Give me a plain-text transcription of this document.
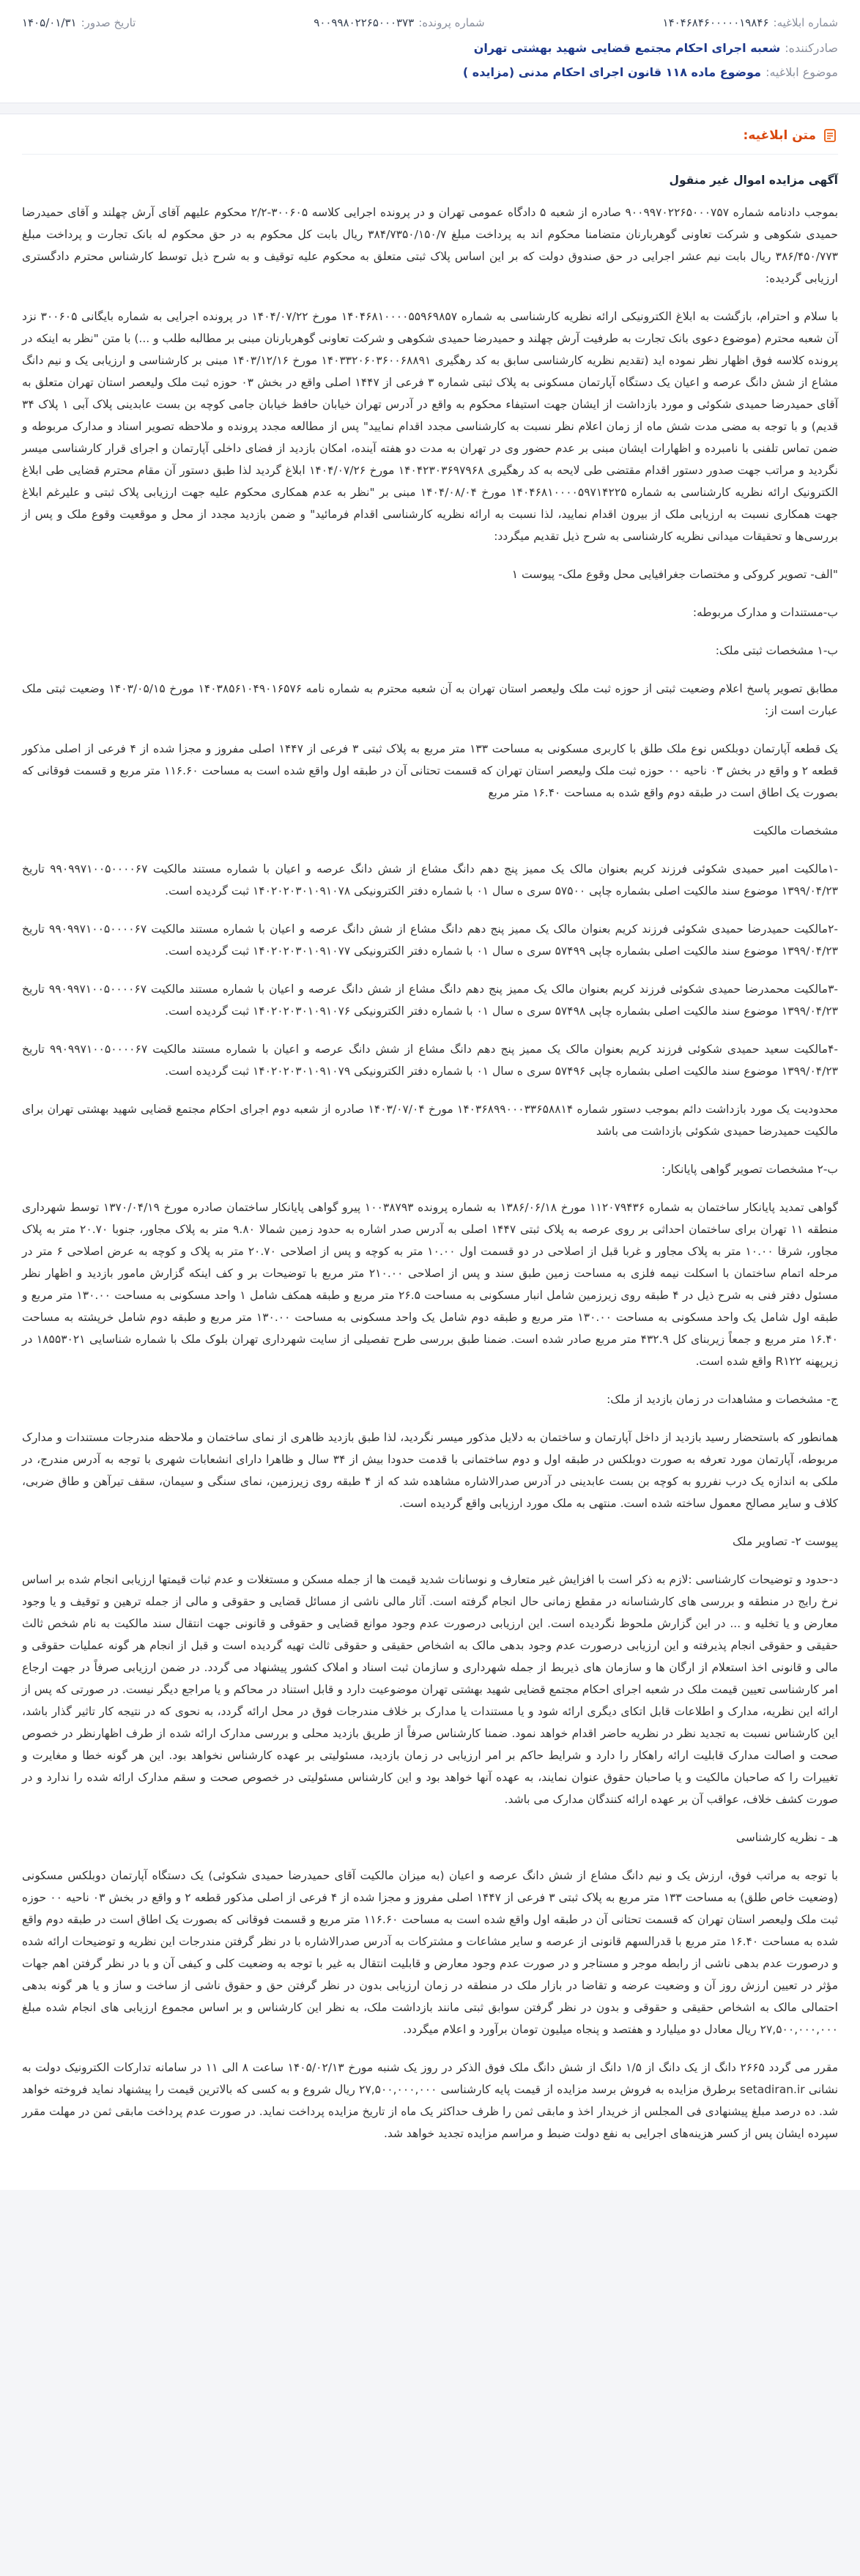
شماره ابلاغیه:
۱۴۰۴۶۸۴۶۰۰۰۰۰۱۹۸۴۶
شماره پرونده:
۹۰۰۹۹۸۰۲۲۶۵۰۰۰۳۷۳
تاریخ صدور:
۱۴۰۵/۰۱/۳۱
صادرکننده:
شعبه اجرای احکام مجتمع قضایی شهید بهشتی تهران
موضوع ابلاغیه:
موضوع ماده ۱۱۸ قانون اجرای احکام مدنی (مزایده )
متن ابلاغیه:

آگهی مزایده اموال غیر منقول

بموجب دادنامه شماره ۹۰۰۹۹۷۰۲۲۶۵۰۰۰۷۵۷ صادره از شعبه ۵ دادگاه عمومی تهران و در پرونده اجرایی کلاسه ۳۰۰۶۰۵-۲/۲ محکوم علیهم آقای آرش چهلند و آقای حمیدرضا حمیدی شکوهی و شرکت تعاونی گوهربارنان متضامنا محکوم اند به پرداخت مبلغ ۳۸۴/۷۳۵۰/۱۵۰/۷ ریال بابت کل محکوم به در حق محکوم له بانک تجارت و پرداخت مبلغ ۳۸۶/۴۵۰/۷۷۳ ریال بابت نیم عشر اجرایی در حق صندوق دولت که بر این اساس پلاک ثبتی متعلق به محکوم علیه توقیف و به شرح ذیل توسط کارشناس محترم دادگستری ارزیابی گردیده:

با سلام و احترام، بازگشت به ابلاغ الکترونیکی ارائه نظریه کارشناسی به شماره ۱۴۰۴۶۸۱۰۰۰۰۵۵۹۶۹۸۵۷ مورخ ۱۴۰۴/۰۷/۲۲ در پرونده اجرایی به شماره بایگانی ۳۰۰۶۰۵ نزد آن شعبه محترم (موضوع دعوی بانک تجارت به طرفیت آرش چهلند و حمیدرضا حمیدی شکوهی و شرکت تعاونی گوهربارنان مبنی بر مطالبه طلب و ...) با متن "نظر به اینکه در پرونده کلاسه فوق اظهار نظر نموده اید (تقدیم نظریه کارشناسی سابق به کد رهگیری ۱۴۰۳۳۲۰۶۰۳۶۰۰۶۸۸۹۱ مورخ ۱۴۰۳/۱۲/۱۶ مبنی بر کارشناسی و ارزیابی یک و نیم دانگ مشاع از شش دانگ عرصه و اعیان یک دستگاه آپارتمان مسکونی به پلاک ثبتی شماره ۳ فرعی از ۱۴۴۷ اصلی واقع در بخش ۰۳ حوزه ثبت ملک ولیعصر استان تهران متعلق به آقای حمیدرضا حمیدی شکوئی و مورد بازداشت از ایشان جهت استیفاء محکوم به واقع در آدرس تهران خیابان حافظ خیابان جامی کوچه بن بست عابدینی پلاک آبی ۱ پلاک ۳۴ قدیم) و با توجه به مضی مدت شش ماه از زمان اعلام نظر نسبت به کارشناسی مجدد اقدام نمایید" پس از مطالعه مجدد پرونده و ملاحظه تصویر اسناد و مدارک مربوطه و ضمن تماس تلفنی با نامبرده و اظهارات ایشان مبنی بر عدم حضور وی در تهران به مدت دو هفته آینده، امکان بازدید از فضای داخلی آپارتمان و اجرای قرار کارشناسی میسر نگردید و مراتب جهت صدور دستور اقدام مقتضی طی لایحه به کد رهگیری ۱۴۰۴۲۳۰۳۶۹۷۹۶۸ مورخ ۱۴۰۴/۰۷/۲۶ ابلاغ گردید لذا طبق دستور آن مقام محترم قضایی طی ابلاغ الکترونیک ارائه نظریه کارشناسی به شماره ۱۴۰۴۶۸۱۰۰۰۰۵۹۷۱۴۲۲۵ مورخ ۱۴۰۴/۰۸/۰۴ مبنی بر "نظر به عدم همکاری محکوم علیه جهت ارزیابی پلاک ثبتی و علیرغم ابلاغ جهت همکاری نسبت به ارزیابی ملک از بیرون اقدام نمایید، لذا نسبت به ارائه نظریه کارشناسی اقدام فرمائید" و ضمن بازدید مجدد از محل و موقعیت وقوع ملک و پس از بررسی‌ها و تحقیقات میدانی نظریه کارشناسی به شرح ذیل تقدیم میگردد:

"الف- تصویر کروکی و مختصات جغرافیایی محل وقوع ملک- پیوست ۱

ب-مستندات و مدارک مربوطه:

ب-۱ مشخصات ثبتی ملک:

مطابق تصویر پاسخ اعلام وضعیت ثبتی از حوزه ثبت ملک ولیعصر استان تهران به آن شعبه محترم به شماره نامه ۱۴۰۳۸۵۶۱۰۴۹۰۱۶۵۷۶ مورخ ۱۴۰۳/۰۵/۱۵ وضعیت ثبتی ملک عبارت است از:

یک قطعه آپارتمان دوبلکس نوع ملک طلق با کاربری مسکونی به مساحت ۱۳۳ متر مربع به پلاک ثبتی ۳ فرعی از ۱۴۴۷ اصلی مفروز و مجزا شده از ۴ فرعی از اصلی مذکور قطعه ۲ و واقع در بخش ۰۳ ناحیه ۰۰ حوزه ثبت ملک ولیعصر استان تهران که قسمت تحتانی آن در طبقه اول واقع شده است به مساحت ۱۱۶.۶۰ متر مربع و قسمت فوقانی که بصورت یک اطاق است در طبقه دوم واقع شده به مساحت ۱۶.۴۰ متر مربع

مشخصات مالکیت

-۱مالکیت امیر حمیدی شکوئی فرزند کریم بعنوان مالک یک ممیز پنج دهم دانگ مشاع از شش دانگ عرصه و اعیان با شماره مستند مالکیت ۹۹۰۹۹۷۱۰۰۵۰۰۰۰۶۷ تاریخ ۱۳۹۹/۰۴/۲۳ موضوع سند مالکیت اصلی بشماره چاپی ۵۷۵۰۰ سری ه سال ۰۱ با شماره دفتر الکترونیکی ۱۴۰۲۰۲۰۳۰۱۰۹۱۰۷۸ ثبت گردیده است.

-۲مالکیت حمیدرضا حمیدی شکوئی فرزند کریم بعنوان مالک یک ممیز پنج دهم دانگ مشاع از شش دانگ عرصه و اعیان با شماره مستند مالکیت ۹۹۰۹۹۷۱۰۰۵۰۰۰۰۶۷ تاریخ ۱۳۹۹/۰۴/۲۳ موضوع سند مالکیت اصلی بشماره چاپی ۵۷۴۹۹ سری ه سال ۰۱ با شماره دفتر الکترونیکی ۱۴۰۲۰۲۰۳۰۱۰۹۱۰۷۷ ثبت گردیده است.

-۳مالکیت محمدرضا حمیدی شکوئی فرزند کریم بعنوان مالک یک ممیز پنج دهم دانگ مشاع از شش دانگ عرصه و اعیان با شماره مستند مالکیت ۹۹۰۹۹۷۱۰۰۵۰۰۰۰۶۷ تاریخ ۱۳۹۹/۰۴/۲۳ موضوع سند مالکیت اصلی بشماره چاپی ۵۷۴۹۸ سری ه سال ۰۱ با شماره دفتر الکترونیکی ۱۴۰۲۰۲۰۳۰۱۰۹۱۰۷۶ ثبت گردیده است.

-۴مالکیت سعید حمیدی شکوئی فرزند کریم بعنوان مالک یک ممیز پنج دهم دانگ مشاع از شش دانگ عرصه و اعیان با شماره مستند مالکیت ۹۹۰۹۹۷۱۰۰۵۰۰۰۰۶۷ تاریخ ۱۳۹۹/۰۴/۲۳ موضوع سند مالکیت اصلی بشماره چاپی ۵۷۴۹۶ سری ه سال ۰۱ با شماره دفتر الکترونیکی ۱۴۰۲۰۲۰۳۰۱۰۹۱۰۷۹ ثبت گردیده است.

محدودیت یک مورد بازداشت دائم بموجب دستور شماره ۱۴۰۳۶۸۹۹۰۰۰۳۳۶۵۸۸۱۴ مورخ ۱۴۰۳/۰۷/۰۴ صادره از شعبه دوم اجرای احکام مجتمع قضایی شهید بهشتی تهران برای مالکیت حمیدرضا حمیدی شکوئی بازداشت می باشد

ب-۲ مشخصات تصویر گواهی پایانکار:

گواهی تمدید پایانکار ساختمان به شماره ۱۱۲۰۷۹۴۳۶ مورخ ۱۳۸۶/۰۶/۱۸ به شماره پرونده ۱۰۰۳۸۷۹۳ پیرو گواهی پایانکار ساختمان صادره مورخ ۱۳۷۰/۰۴/۱۹ توسط شهرداری منطقه ۱۱ تهران برای ساختمان احداثی بر روی عرصه به پلاک ثبتی ۱۴۴۷ اصلی به آدرس صدر اشاره به حدود زمین شمالا ۹.۸۰ متر به پلاک مجاور، جنوبا ۲۰.۷۰ متر به پلاک مجاور، شرقا ۱۰.۰۰ متر به پلاک مجاور و غربا قبل از اصلاحی در دو قسمت اول ۱۰.۰۰ متر به کوچه و پس از اصلاحی ۲۰.۷۰ متر به پلاک و کوچه به عرض اصلاحی ۶ متر در مرحله اتمام ساختمان با اسکلت نیمه فلزی به مساحت زمین طبق سند و پس از اصلاحی ۲۱۰.۰۰ متر مربع با توضیحات بر و کف اینکه گزارش مامور بازدید و اظهار نظر مسئول دفتر فنی به شرح ذیل در ۴ طبقه روی زیرزمین شامل انبار مسکونی به مساحت ۲۶.۵ متر مربع و طبقه همکف شامل ۱ واحد مسکونی به مساحت ۱۳۰.۰۰ متر مربع و طبقه اول شامل یک واحد مسکونی به مساحت ۱۳۰.۰۰ متر مربع و طبقه دوم شامل یک واحد مسکونی به مساحت ۱۳۰.۰۰ متر مربع و طبقه دوم شامل خرپشته به مساحت ۱۶.۴۰ متر مربع و جمعاً زیربنای کل ۴۳۲.۹ متر مربع صادر شده است. ضمنا طبق بررسی طرح تفصیلی از سایت شهرداری تهران بلوک ملک با شماره شناسایی ۱۸۵۵۳۰۲۱ در زیرپهنه R۱۲۲ واقع شده است.

ج- مشخصات و مشاهدات در زمان بازدید از ملک:

همانطور که باستحضار رسید بازدید از داخل آپارتمان و ساختمان به دلایل مذکور میسر نگردید، لذا طبق بازدید ظاهری از نمای ساختمان و ملاحظه مندرجات مستندات و مدارک مربوطه، آپارتمان مورد تعرفه به صورت دوبلکس در طبقه اول و دوم ساختمانی با قدمت حدودا بیش از ۳۴ سال و ظاهرا دارای انشعابات شهری با توجه به آدرس مندرج، در ملکی به اندازه یک درب نفررو به کوچه بن بست عابدینی در آدرس صدرالاشاره مشاهده شد که از ۴ طبقه روی زیرزمین، نمای سنگی و سیمان، سقف تیرآهن و طاق ضربی، کلاف و سایر مصالح معمول ساخته شده است. منتهی به ملک مورد ارزیابی واقع گردیده است.

پیوست ۲- تصاویر ملک

د-حدود و توضیحات کارشناسی :لازم به ذکر است با افزایش غیر متعارف و نوسانات شدید قیمت ها از جمله مسکن و مستغلات و عدم ثبات قیمتها ارزیابی انجام شده بر اساس نرخ رایج در منطقه و بررسی های کارشناسانه در مقطع زمانی حال انجام گرفته است. آثار مالی ناشی از مسائل قضایی و حقوقی و مالی از جمله ترهین و توقیف و یا وجود معارض و یا تخلیه و ... در این گزارش ملحوظ نگردیده است. این ارزیابی درصورت عدم وجود موانع قضایی و حقوقی و قانونی جهت انتقال سند مالکیت به نام شخص ثالث حقیقی و حقوقی انجام پذیرفته و این ارزیابی درصورت عدم وجود بدهی مالک به اشخاص حقیقی و حقوقی ثالث تهیه گردیده است و قبل از انجام هر گونه عملیات حقوقی و مالی و قانونی اخذ استعلام از ارگان ها و سازمان های ذیربط از جمله شهرداری و سازمان ثبت اسناد و املاک کشور پیشنهاد می گردد. در ضمن ارزیابی صرفاً در جهت ارجاع امر کارشناسی تعیین قیمت ملک در شعبه اجرای احکام مجتمع قضایی شهید بهشتی تهران موضوعیت دارد و قابل استناد در محاکم و یا مراجع دیگر نیست. در صورتی که پس از ارائه این نظریه، مدارک و اطلاعات قابل اتکای دیگری ارائه شود و یا مستندات یا مدارک بر خلاف مندرجات فوق در محل ارائه گردد، به نحوی که در نتیجه کار تاثیر گذار باشد، این کارشناس نسبت به تجدید نظر در نظریه حاضر اقدام خواهد نمود. ضمنا کارشناس صرفاً از طریق بازدید محلی و بررسی مدارک ارائه شده از طرف اظهارنظر در خصوص صحت و اصالت مدارک قابلیت ارائه راهکار را دارد و شرایط حاکم بر امر ارزیابی در زمان بازدید، مسئولیتی بر عهده کارشناس نخواهد بود. این هر گونه خطا و مغایرت و تغییرات را که صاحبان مالکیت و یا صاحبان حقوق عنوان نمایند، به عهده آنها خواهد بود و این کارشناس مسئولیتی در خصوص صحت و سقم مدارک ارائه شده را ندارد و در صورت کشف خلاف، عواقب آن بر عهده ارائه کنندگان مدارک می باشد.

هـ - نظریه کارشناسی

با توجه به مراتب فوق، ارزش یک و نیم دانگ مشاع از شش دانگ عرصه و اعیان (به میزان مالکیت آقای حمیدرضا حمیدی شکوئی) یک دستگاه آپارتمان دوبلکس مسکونی (وضعیت خاص طلق) به مساحت ۱۳۳ متر مربع به پلاک ثبتی ۳ فرعی از ۱۴۴۷ اصلی مفروز و مجزا شده از ۴ فرعی از اصلی مذکور قطعه ۲ و واقع در بخش ۰۳ ناحیه ۰۰ حوزه ثبت ملک ولیعصر استان تهران که قسمت تحتانی آن در طبقه اول واقع شده است به مساحت ۱۱۶.۶۰ متر مربع و قسمت فوقانی که بصورت یک اطاق است در طبقه دوم واقع شده به مساحت ۱۶.۴۰ متر مربع با قدرالسهم قانونی از عرصه و سایر مشاعات و مشترکات به آدرس صدرالاشاره با در نظر گرفتن مندرجات این نظریه و توضیحات ارائه شده و درصورت عدم بدهی ناشی از رابطه موجر و مستاجر و در صورت عدم وجود معارض و قابلیت انتقال به غیر با توجه به وضعیت کلی و کیفی آن و با در نظر گرفتن اهم جهات مؤثر در تعیین ارزش روز آن و وضعیت عرضه و تقاضا در بازار ملک در منطقه در زمان ارزیابی بدون در نظر گرفتن حق و حقوق ناشی از ساخت و ساز و یا هر گونه بدهی احتمالی مالک به اشخاص حقیقی و حقوقی و بدون در نظر گرفتن سوابق ثبتی مانند بازداشت ملک، به نظر این کارشناس و بر اساس مجموع ارزیابی های انجام شده مبلغ ۲۷,۵۰۰,۰۰۰,۰۰۰ ریال معادل دو میلیارد و هفتصد و پنجاه میلیون تومان برآورد و اعلام میگردد.

مقرر می گردد ۲۶۶۵ دانگ از یک دانگ از ۱/۵ دانگ از شش دانگ ملک فوق الذکر در روز یک شنبه مورخ ۱۴۰۵/۰۲/۱۳ ساعت ۸ الی ۱۱ در سامانه تدارکات الکترونیک دولت به نشانی setadiran.ir برطرق مزایده به فروش برسد مزایده از قیمت پایه کارشناسی ۲۷,۵۰۰,۰۰۰,۰۰۰ ریال شروع و به کسی که بالاترین قیمت را پیشنهاد نماید فروخته خواهد شد. ده درصد مبلغ پیشنهادی فی المجلس از خریدار اخذ و مابقی ثمن را ظرف حداکثر یک ماه از تاریخ مزایده پرداخت نماید. در صورت عدم پرداخت مابقی ثمن در مهلت مقرر سپرده ایشان پس از کسر هزینه‌های اجرایی به نفع دولت ضبط و مراسم مزایده تجدید خواهد شد.
